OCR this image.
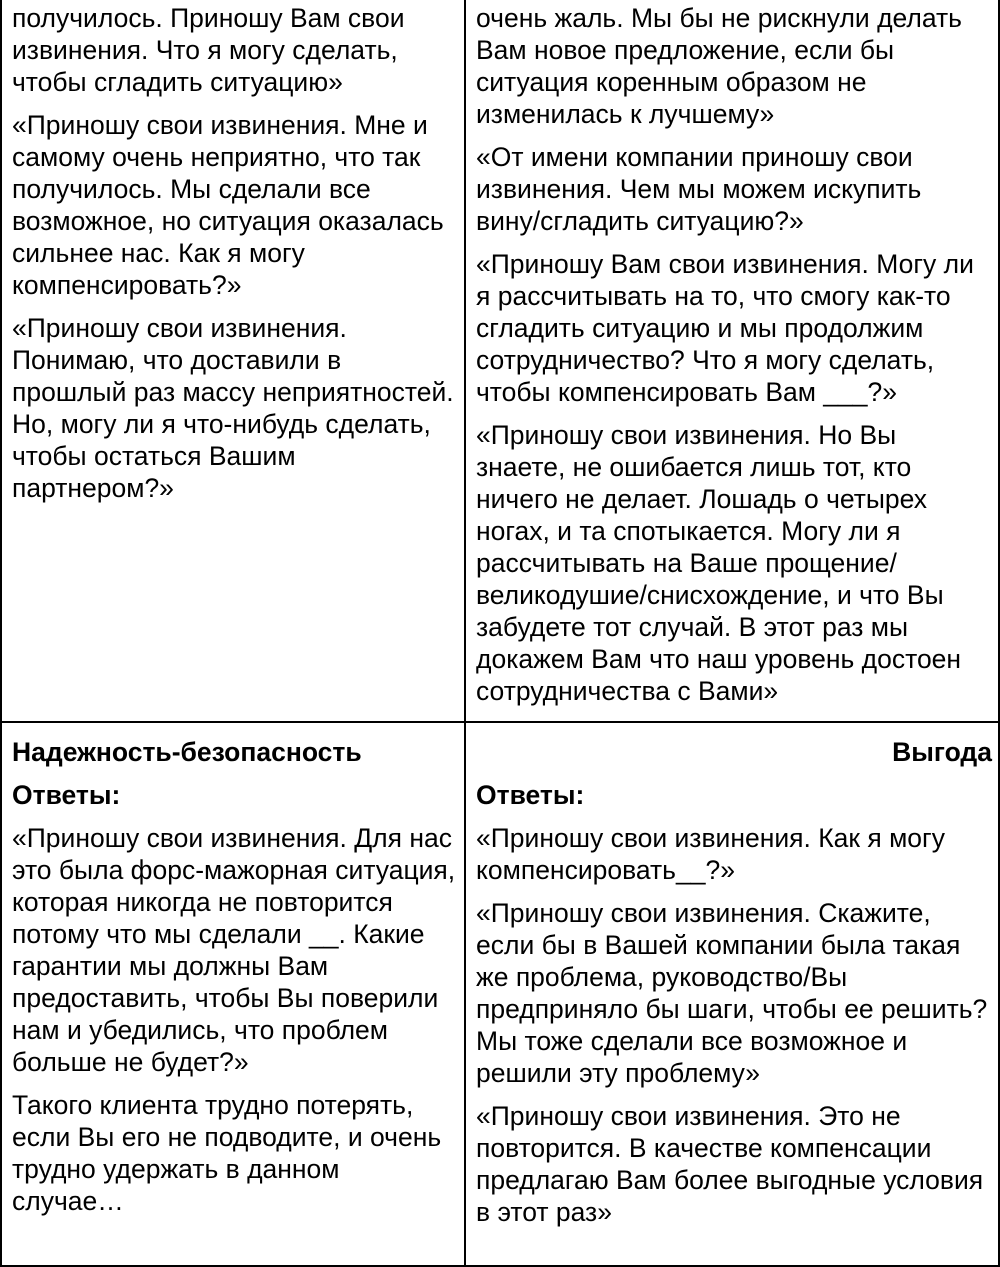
получилось. Приношу Вам свои извинения. Что я могу сделать, чтобы сгладить ситуацию»

«Приношу свои извинения. Мне и самому очень неприятно, что так получилось. Мы сделали все возможное, но ситуация оказалась сильнее нас. Как я могу компенсировать?»

«Приношу свои извинения. Понимаю, что доставили в прошлый раз массу неприятностей. Но, могу ли я что-нибудь сделать, чтобы остаться Вашим партнером?»

очень жаль. Мы бы не рискнули делать Вам новое предложение, если бы ситуация коренным образом не изменилась к лучшему»

«От имени компании приношу свои извинения. Чем мы можем искупить вину/сгладить ситуацию?»

«Приношу Вам свои извинения. Могу ли я рассчитывать на то, что смогу как-то сгладить ситуацию и мы продолжим сотрудничество? Что я могу сделать, чтобы компенсировать Вам ___?»

«Приношу свои извинения. Но Вы знаете, не ошибается лишь тот, кто ничего не делает. Лошадь о четырех ногах, и та спотыкается. Могу ли я рассчитывать на Ваше прощение/великодушие/снисхождение, и что Вы забудете тот случай. В этот раз мы докажем Вам что наш уровень достоен сотрудничества с Вами»

Надежность-безопасность
Ответы:

«Приношу свои извинения. Для нас это была форс-мажорная ситуация, которая никогда не повторится потому что мы сделали __. Какие гарантии мы должны Вам предоставить, чтобы Вы поверили нам и убедились, что проблем больше не будет?»

Такого клиента трудно потерять, если Вы его не подводите, и очень трудно удержать в данном случае…

Выгода
Ответы:

«Приношу свои извинения. Как я могу компенсировать__?»

«Приношу свои извинения. Скажите, если бы в Вашей компании была такая же проблема, руководство/Вы предприняло бы шаги, чтобы ее решить? Мы тоже сделали все возможное и решили эту проблему»

«Приношу свои извинения. Это не повторится. В качестве компенсации предлагаю Вам более выгодные условия в этот раз»
